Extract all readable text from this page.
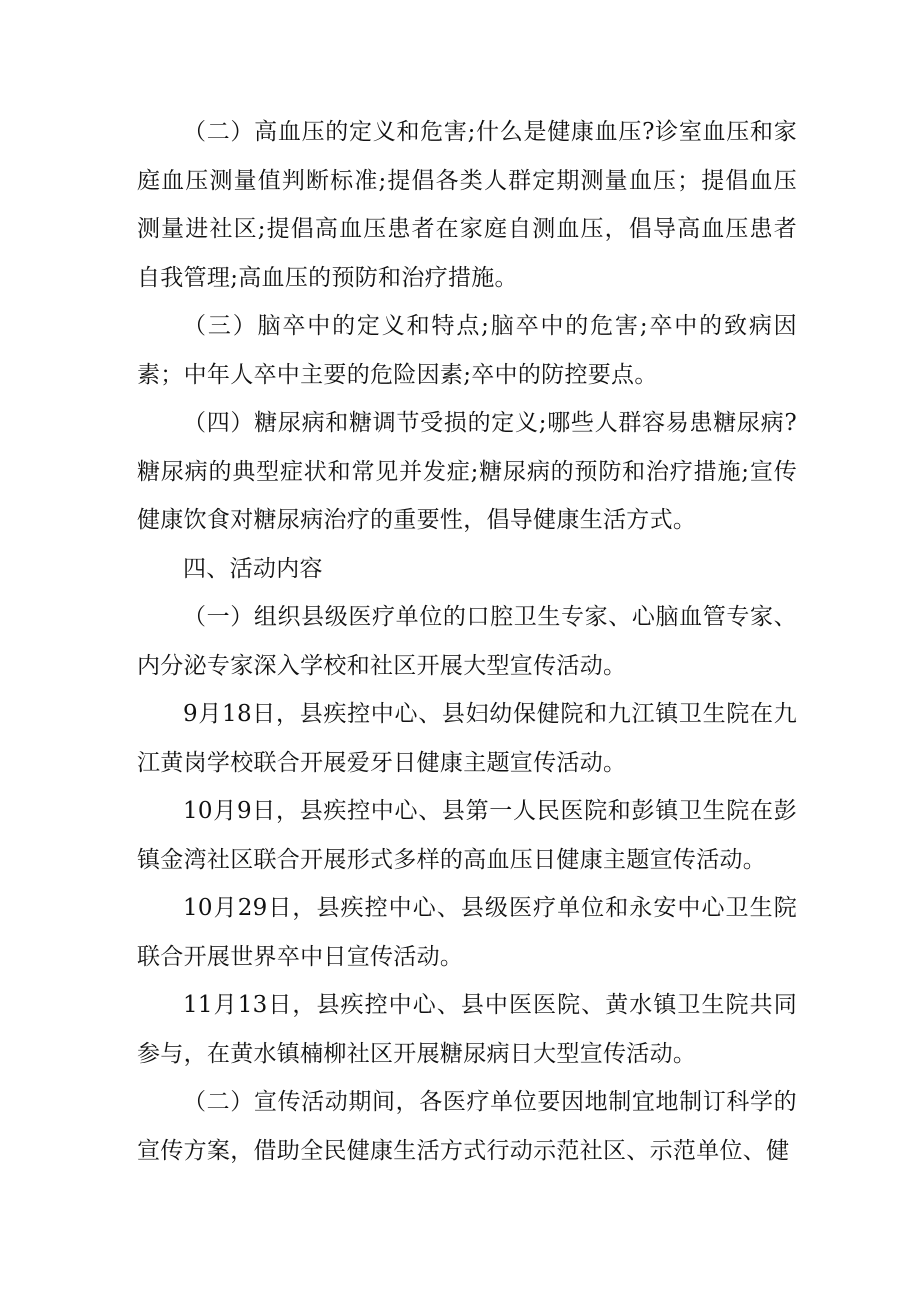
（二）高血压的定义和危害;什么是健康血压?诊室血压和家庭血压测量值判断标准;提倡各类人群定期测量血压；提倡血压测量进社区;提倡高血压患者在家庭自测血压，倡导高血压患者自我管理;高血压的预防和治疗措施。

（三）脑卒中的定义和特点;脑卒中的危害;卒中的致病因素；中年人卒中主要的危险因素;卒中的防控要点。

（四）糖尿病和糖调节受损的定义;哪些人群容易患糖尿病?糖尿病的典型症状和常见并发症;糖尿病的预防和治疗措施;宣传健康饮食对糖尿病治疗的重要性，倡导健康生活方式。

四、活动内容

（一）组织县级医疗单位的口腔卫生专家、心脑血管专家、内分泌专家深入学校和社区开展大型宣传活动。

9月18日，县疾控中心、县妇幼保健院和九江镇卫生院在九江黄岗学校联合开展爱牙日健康主题宣传活动。

10月9日，县疾控中心、县第一人民医院和彭镇卫生院在彭镇金湾社区联合开展形式多样的高血压日健康主题宣传活动。

10月29日，县疾控中心、县级医疗单位和永安中心卫生院联合开展世界卒中日宣传活动。

11月13日，县疾控中心、县中医医院、黄水镇卫生院共同参与，在黄水镇楠柳社区开展糖尿病日大型宣传活动。

（二）宣传活动期间，各医疗单位要因地制宜地制订科学的宣传方案，借助全民健康生活方式行动示范社区、示范单位、健
